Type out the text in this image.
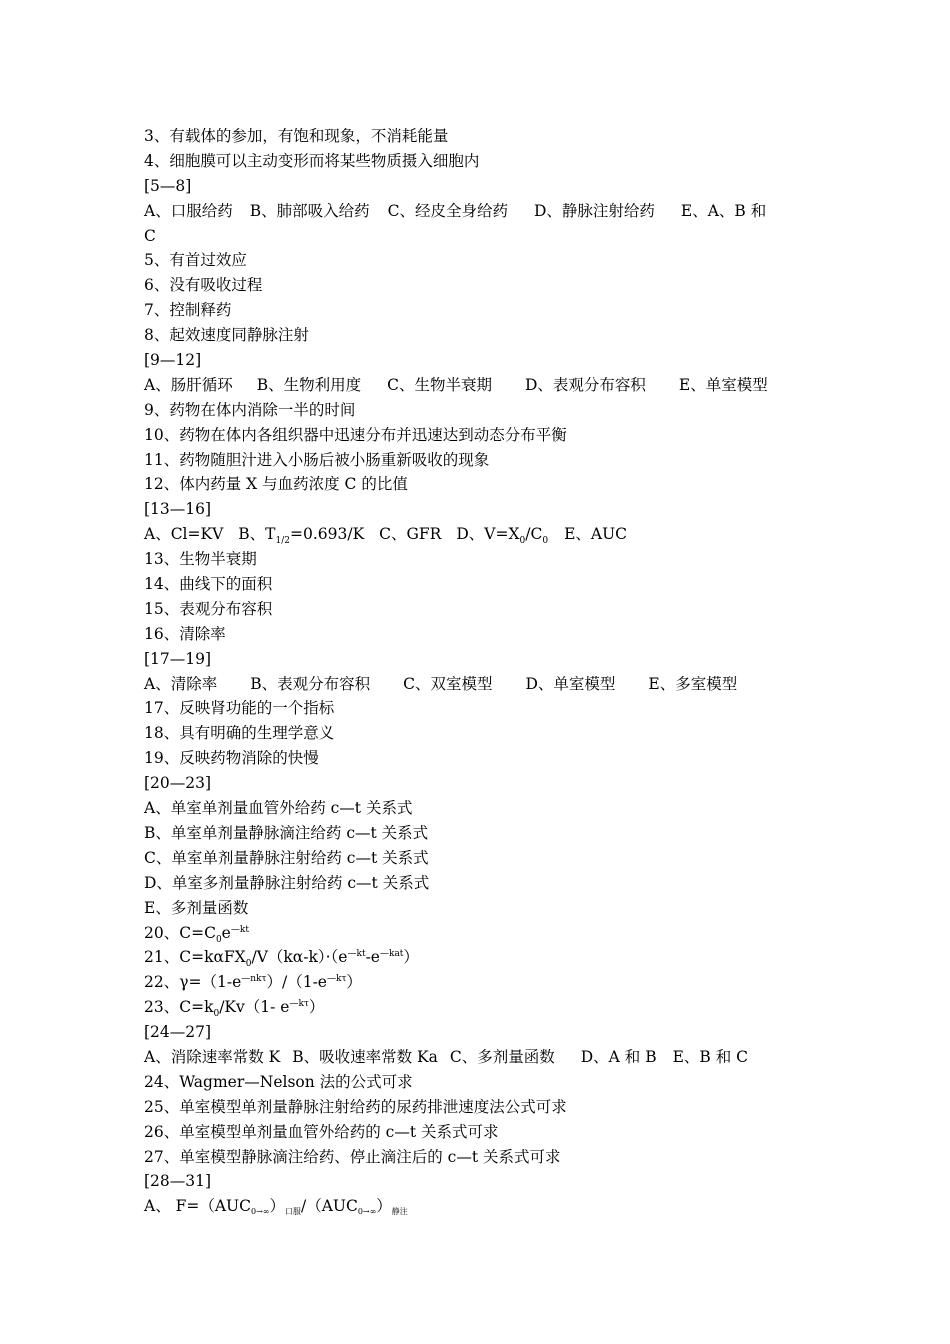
3、有载体的参加，有饱和现象，不消耗能量
4、细胞膜可以主动变形而将某些物质摄入细胞内
[5—8]
A、口服给药 B、肺部吸入给药 C、经皮全身给药 D、静脉注射给药 E、A、B 和
C
5、有首过效应
6、没有吸收过程
7、控制释药
8、起效速度同静脉注射
[9—12]
A、肠肝循环 B、生物利用度 C、生物半衰期 D、表观分布容积 E、单室模型
9、药物在体内消除一半的时间
10、药物在体内各组织器中迅速分布并迅速达到动态分布平衡
11、药物随胆汁进入小肠后被小肠重新吸收的现象
12、体内药量 X 与血药浓度 C 的比值
[13—16]
A、Cl=KV B、$T_{1/2}=0.693/K$ C、GFR D、$V=X_0/C_0$ E、AUC
13、生物半衰期
14、曲线下的面积
15、表观分布容积
16、清除率
[17—19]
A、清除率 B、表观分布容积 C、双室模型 D、单室模型 E、多室模型
17、反映肾功能的一个指标
18、具有明确的生理学意义
19、反映药物消除的快慢
[20—23]
A、单室单剂量血管外给药 c—t 关系式
B、单室单剂量静脉滴注给药 c—t 关系式
C、单室单剂量静脉注射给药 c—t 关系式
D、单室多剂量静脉注射给药 c—t 关系式
E、多剂量函数
20、$C=C_0e^{—kt}$
21、$C=k\alpha FX_0/V(k\alpha-k)\cdot(e^{—kt}-e^{—kat})$
22、$\gamma=(1-e^{—nk\tau})/(1-e^{—k\tau})$
23、$C=k_0/Kv(1-$ $e^{—k\tau}$）
[24—27]
A、消除速率常数 K B、吸收速率常数 Ka C、多剂量函数 D、A 和 B E、B 和 C
24、Wagmer—Nelson 法的公式可求
25、单室模型单剂量静脉注射给药的尿药排泄速度法公式可求
26、单室模型单剂量血管外给药的 c—t 关系式可求
27、单室模型静脉滴注给药、停止滴注后的 c—t 关系式可求
[28—31]
A、 $F=(AUC_{0\to\infty})_{口服}/(AUC_{0\to\infty})_{静注}$
